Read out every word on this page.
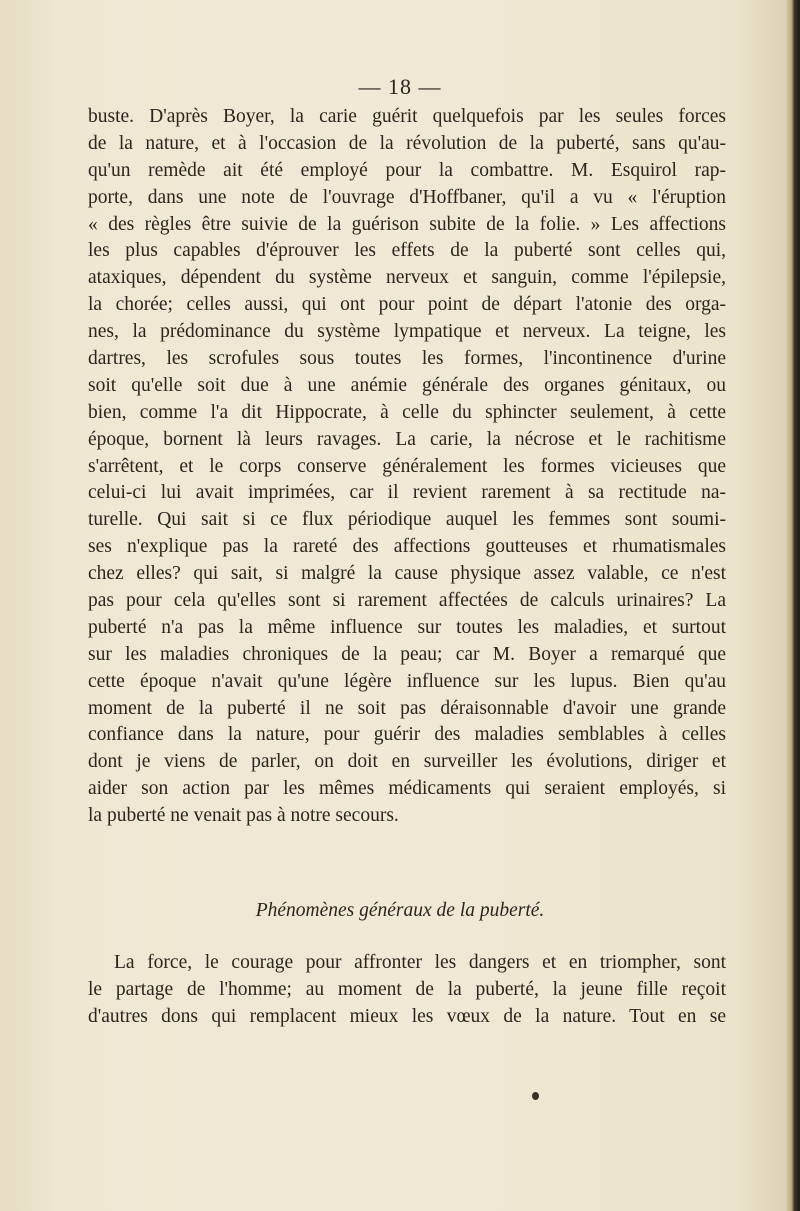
— 18 —
buste. D'après Boyer, la carie guérit quelquefois par les seules forces
de la nature, et à l'occasion de la révolution de la puberté, sans qu'au-
qu'un remède ait été employé pour la combattre. M. Esquirol rap-
porte, dans une note de l'ouvrage d'Hoffbaner, qu'il a vu « l'éruption
« des règles être suivie de la guérison subite de la folie. » Les affections
les plus capables d'éprouver les effets de la puberté sont celles qui,
ataxiques, dépendent du système nerveux et sanguin, comme l'épilepsie,
la chorée; celles aussi, qui ont pour point de départ l'atonie des orga-
nes, la prédominance du système lympatique et nerveux. La teigne, les
dartres, les scrofules sous toutes les formes, l'incontinence d'urine
soit qu'elle soit due à une anémie générale des organes génitaux, ou
bien, comme l'a dit Hippocrate, à celle du sphincter seulement, à cette
époque, bornent là leurs ravages. La carie, la nécrose et le rachitisme
s'arrêtent, et le corps conserve généralement les formes vicieuses que
celui-ci lui avait imprimées, car il revient rarement à sa rectitude na-
turelle. Qui sait si ce flux périodique auquel les femmes sont soumi-
ses n'explique pas la rareté des affections goutteuses et rhumatismales
chez elles? qui sait, si malgré la cause physique assez valable, ce n'est
pas pour cela qu'elles sont si rarement affectées de calculs urinaires? La
puberté n'a pas la même influence sur toutes les maladies, et surtout
sur les maladies chroniques de la peau; car M. Boyer a remarqué que
cette époque n'avait qu'une légère influence sur les lupus. Bien qu'au
moment de la puberté il ne soit pas déraisonnable d'avoir une grande
confiance dans la nature, pour guérir des maladies semblables à celles
dont je viens de parler, on doit en surveiller les évolutions, diriger et
aider son action par les mêmes médicaments qui seraient employés, si
la puberté ne venait pas à notre secours.
Phénomènes généraux de la puberté.
La force, le courage pour affronter les dangers et en triompher, sont
le partage de l'homme; au moment de la puberté, la jeune fille reçoit
d'autres dons qui remplacent mieux les vœux de la nature. Tout en se
